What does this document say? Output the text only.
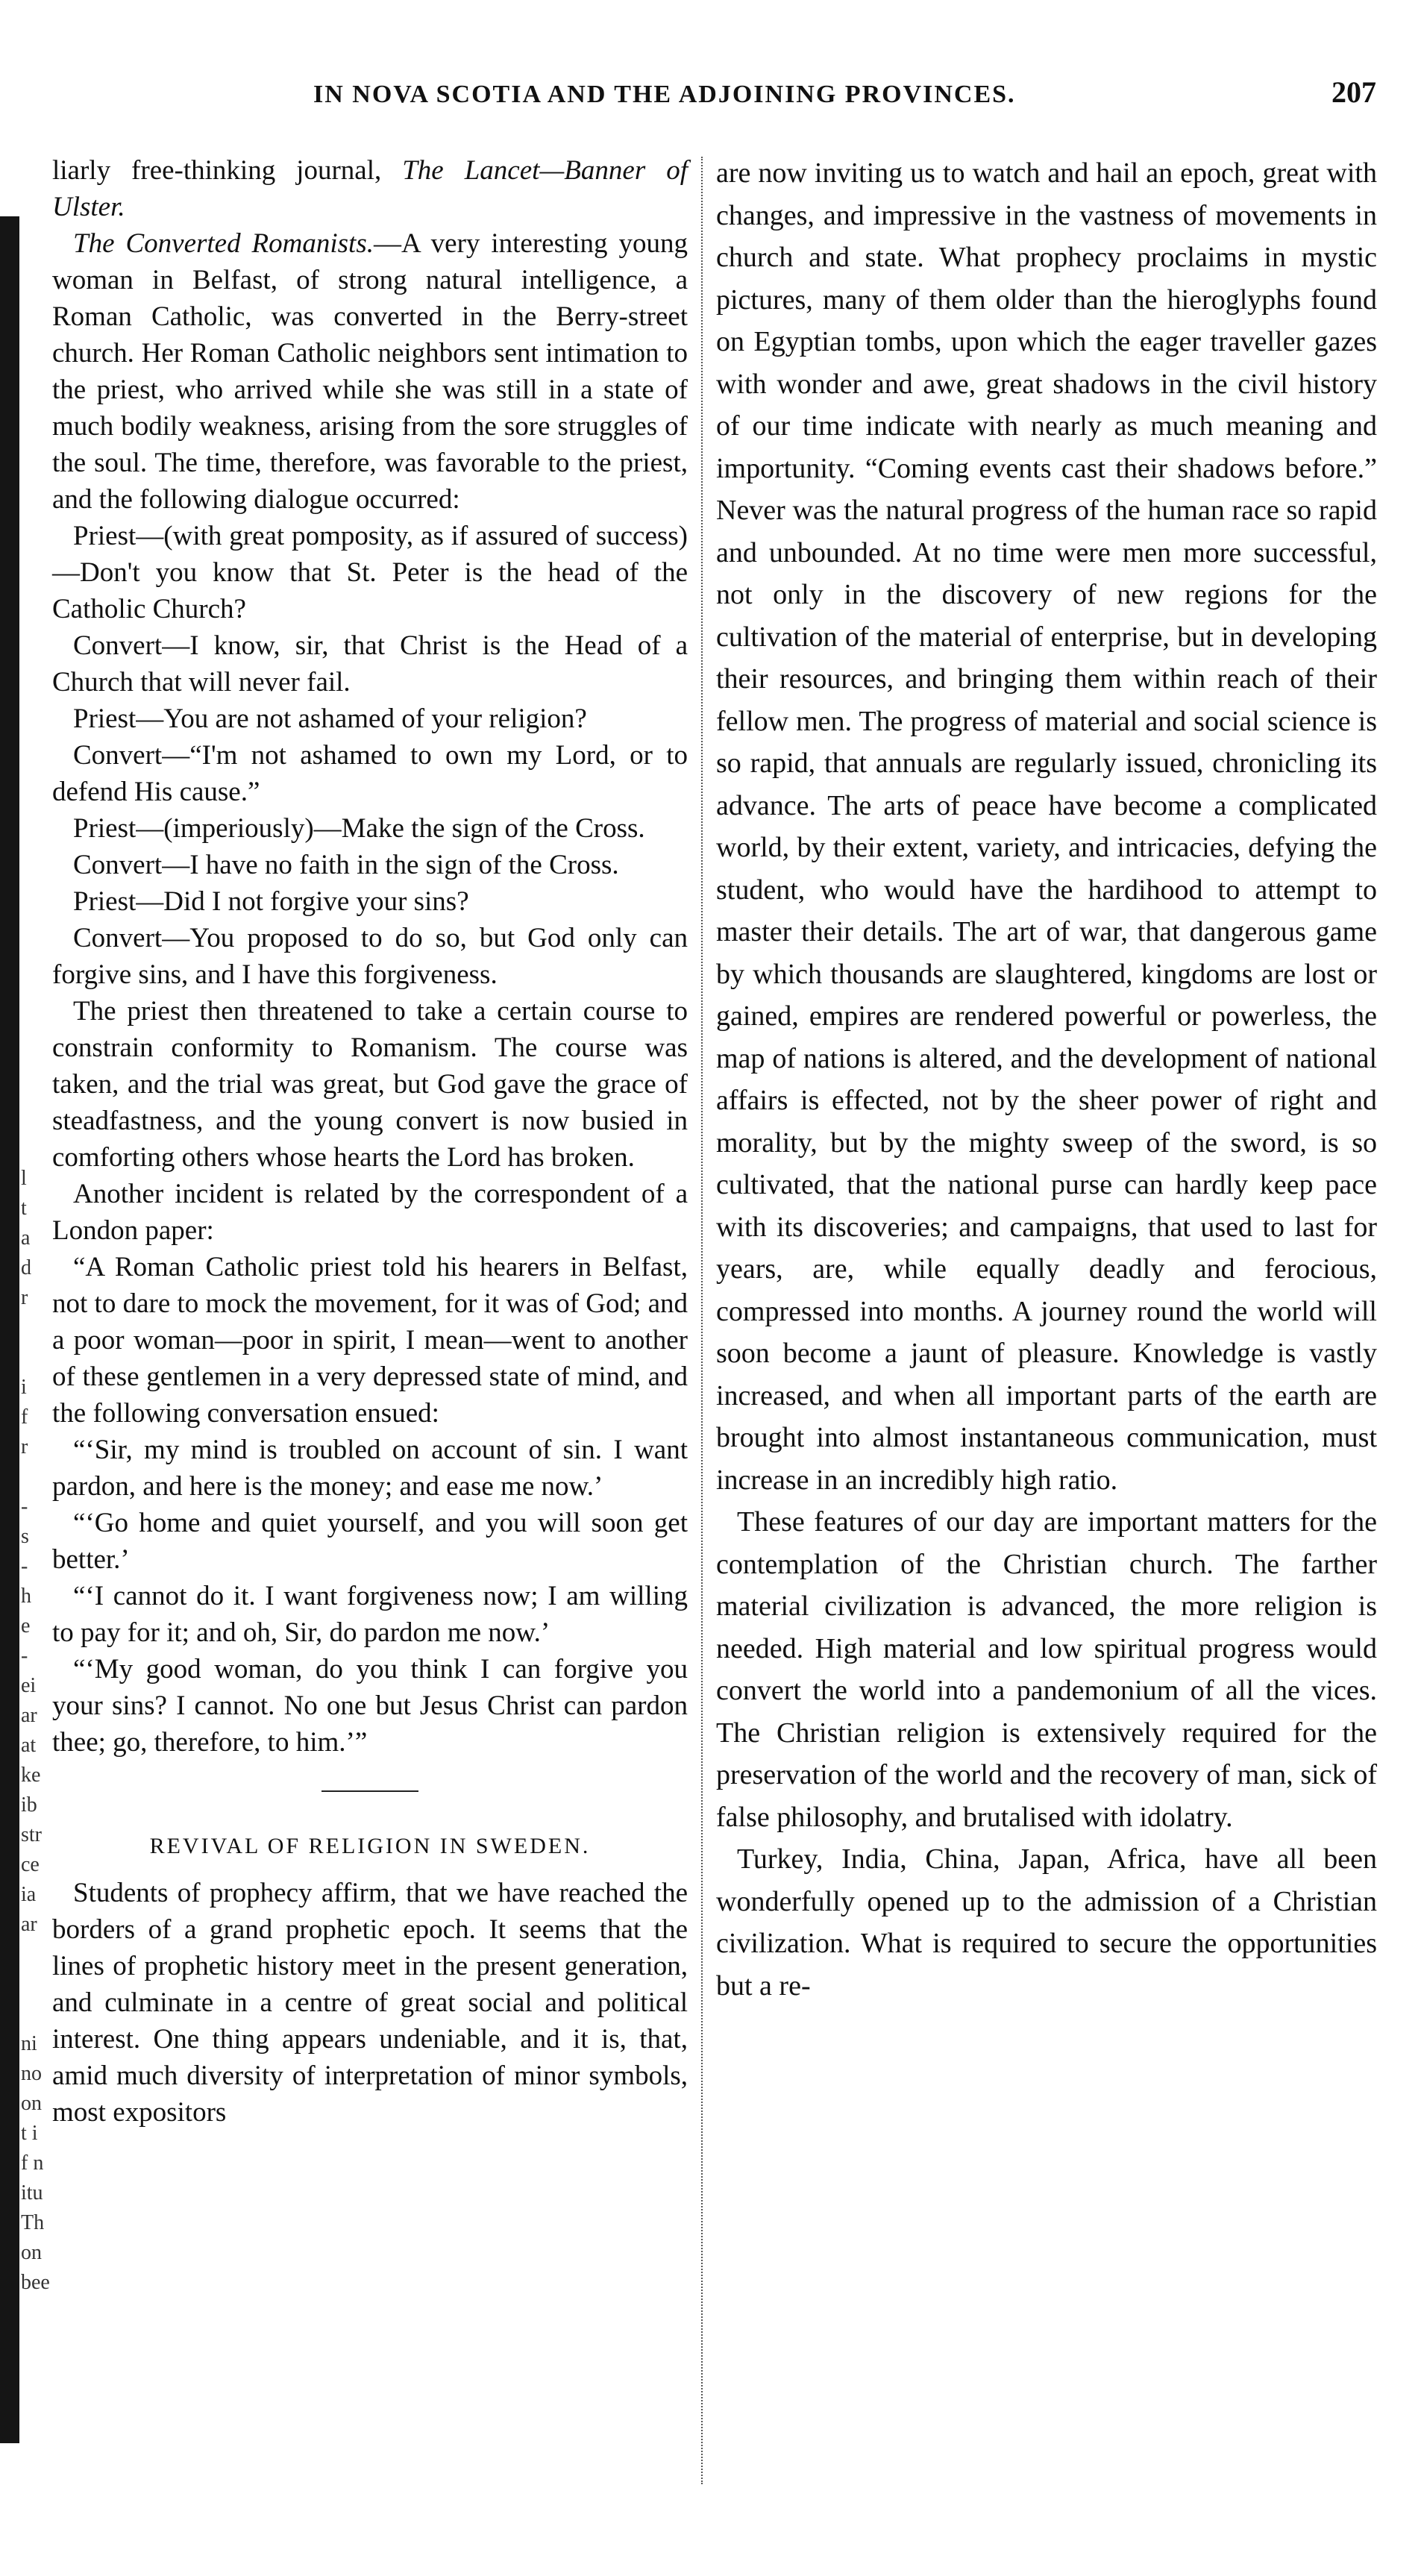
l
t
a
d
r
i
f
r
-
s
-
h
e
-
ei
ar
at
ke
ib
str
ce
ia
ar
ni
no
on
t i
f n
itu
Th
on
bee
IN NOVA SCOTIA AND THE ADJOINING PROVINCES.	207

liarly free-thinking journal, The Lancet—Banner of Ulster.

The Converted Romanists.—A very interesting young woman in Belfast, of strong natural intelligence, a Roman Catholic, was converted in the Berry-street church. Her Roman Catholic neighbors sent intimation to the priest, who arrived while she was still in a state of much bodily weakness, arising from the sore struggles of the soul. The time, therefore, was favorable to the priest, and the following dialogue occurred:

Priest—(with great pomposity, as if assured of success)—Don't you know that St. Peter is the head of the Catholic Church?

Convert—I know, sir, that Christ is the Head of a Church that will never fail.

Priest—You are not ashamed of your religion?

Convert—“I'm not ashamed to own my Lord, or to defend His cause.”

Priest—(imperiously)—Make the sign of the Cross.

Convert—I have no faith in the sign of the Cross.

Priest—Did I not forgive your sins?

Convert—You proposed to do so, but God only can forgive sins, and I have this forgiveness.

The priest then threatened to take a certain course to constrain conformity to Romanism. The course was taken, and the trial was great, but God gave the grace of steadfastness, and the young convert is now busied in comforting others whose hearts the Lord has broken.

Another incident is related by the correspondent of a London paper:

“A Roman Catholic priest told his hearers in Belfast, not to dare to mock the movement, for it was of God; and a poor woman—poor in spirit, I mean—went to another of these gentlemen in a very depressed state of mind, and the following conversation ensued:

“‘Sir, my mind is troubled on account of sin. I want pardon, and here is the money; and ease me now.’

“‘Go home and quiet yourself, and you will soon get better.’

“‘I cannot do it. I want forgiveness now; I am willing to pay for it; and oh, Sir, do pardon me now.’

“‘My good woman, do you think I can forgive you your sins? I cannot. No one but Jesus Christ can pardon thee; go, therefore, to him.’”

REVIVAL OF RELIGION IN SWEDEN.

Students of prophecy affirm, that we have reached the borders of a grand prophetic epoch. It seems that the lines of prophetic history meet in the present generation, and culminate in a centre of great social and political interest. One thing appears undeniable, and it is, that, amid much diversity of interpretation of minor symbols, most expositors

are now inviting us to watch and hail an epoch, great with changes, and impressive in the vastness of movements in church and state. What prophecy proclaims in mystic pictures, many of them older than the hieroglyphs found on Egyptian tombs, upon which the eager traveller gazes with wonder and awe, great shadows in the civil history of our time indicate with nearly as much meaning and importunity. “Coming events cast their shadows before.” Never was the natural progress of the human race so rapid and unbounded. At no time were men more successful, not only in the discovery of new regions for the cultivation of the material of enterprise, but in developing their resources, and bringing them within reach of their fellow men. The progress of material and social science is so rapid, that annuals are regularly issued, chronicling its advance. The arts of peace have become a complicated world, by their extent, variety, and intricacies, defying the student, who would have the hardihood to attempt to master their details. The art of war, that dangerous game by which thousands are slaughtered, kingdoms are lost or gained, empires are rendered powerful or powerless, the map of nations is altered, and the development of national affairs is effected, not by the sheer power of right and morality, but by the mighty sweep of the sword, is so cultivated, that the national purse can hardly keep pace with its discoveries; and campaigns, that used to last for years, are, while equally deadly and ferocious, compressed into months. A journey round the world will soon become a jaunt of pleasure. Knowledge is vastly increased, and when all important parts of the earth are brought into almost instantaneous communication, must increase in an incredibly high ratio.

These features of our day are important matters for the contemplation of the Christian church. The farther material civilization is advanced, the more religion is needed. High material and low spiritual progress would convert the world into a pandemonium of all the vices. The Christian religion is extensively required for the preservation of the world and the recovery of man, sick of false philosophy, and brutalised with idolatry.

Turkey, India, China, Japan, Africa, have all been wonderfully opened up to the admission of a Christian civilization. What is required to secure the opportunities but a re-
